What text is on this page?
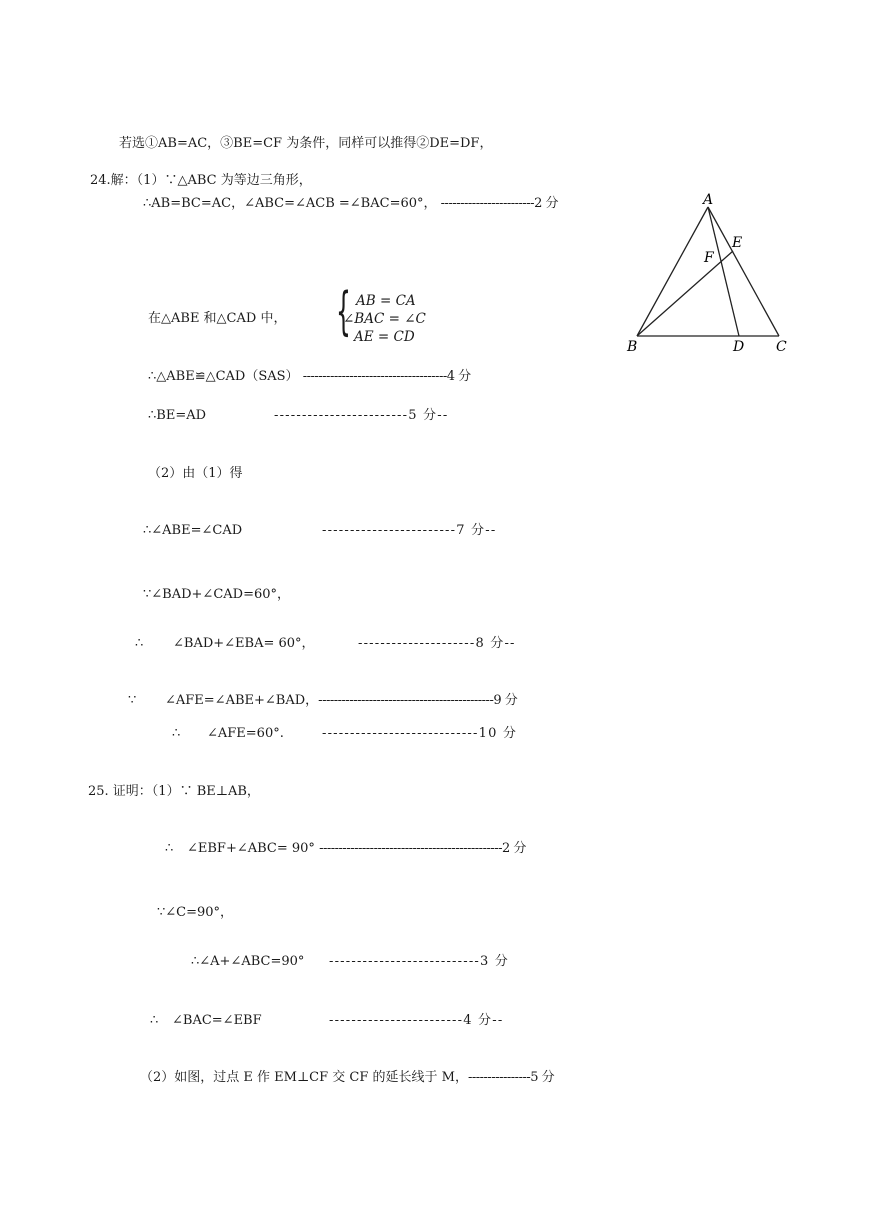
若选①AB=AC，③BE=CF 为条件，同样可以推得②DE=DF，
24.解：（1）∵△ABC 为等边三角形，
∴AB=BC=AC，∠ABC=∠ACB =∠BAC=60°， ------------------------2 分
在△ABE 和△CAD 中， { AB = CA
∠BAC = ∠C
AE = CD
∴△ABE≌△CAD（SAS） -------------------------------------4 分
∴BE=AD	------------------------5 分--
（2）由（1）得
∴∠ABE=∠CAD	------------------------7 分--
∵∠BAD+∠CAD=60°，
∴ ∠BAD+∠EBA= 60°，	---------------------8 分--
∵ ∠AFE=∠ABE+∠BAD，---------------------------------------------9 分
∴ ∠AFE=60°.	----------------------------10 分
25. 证明：（1）∵ BE⊥AB，
∴ ∠EBF+∠ABC= 90° -----------------------------------------------2 分
∵∠C=90°，
∴∠A+∠ABC=90° ---------------------------3 分
∴ ∠BAC=∠EBF	------------------------4 分--
（2）如图，过点 E 作 EM⊥CF 交 CF 的延长线于 M，----------------5 分
A
B	C
D
E
F
